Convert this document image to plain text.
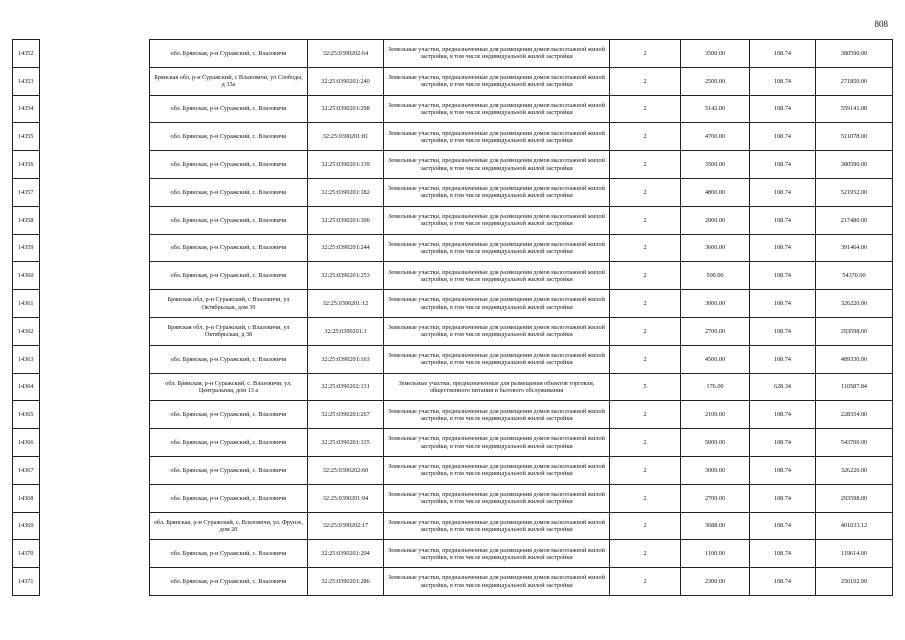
808
14352		обл. Брянская, р-н Суражский, с. Влазовичи	32:25:0390202:64	Земельные участки, предназначенные для размещения домов малоэтажной жилой застройки, в том числе индивидуальной жилой застройки	2	3500.00	108.74	380590.00
14353		Брянская обл, р-н Суражский, с Влазовичи, ул Слободы, д 33а	32:25:0390201:240	Земельные участки, предназначенные для размещения домов малоэтажной жилой застройки, в том числе индивидуальной жилой застройки	2	2500.00	108.74	271850.00
14354		обл. Брянская, р-н Суражский, с. Влазовичи	32:25:0390201:298	Земельные участки, предназначенные для размещения домов малоэтажной жилой застройки, в том числе индивидуальной жилой застройки	2	5142.00	108.74	559141.08
14355		обл. Брянская, р-н Суражский, с. Влазовичи	32:25:0390201:81	Земельные участки, предназначенные для размещения домов малоэтажной жилой застройки, в том числе индивидуальной жилой застройки	2	4700.00	108.74	511078.00
14356		обл. Брянская, р-н Суражский, с. Влазовичи	32:25:0390201:139	Земельные участки, предназначенные для размещения домов малоэтажной жилой застройки, в том числе индивидуальной жилой застройки	2	3500.00	108.74	380590.00
14357		обл. Брянская, р-н Суражский, с. Влазовичи	32:25:0390201:182	Земельные участки, предназначенные для размещения домов малоэтажной жилой застройки, в том числе индивидуальной жилой застройки	2	4800.00	108.74	521952.00
14358		обл. Брянская, р-н Суражский, с. Влазовичи	32:25:0390201:306	Земельные участки, предназначенные для размещения домов малоэтажной жилой застройки, в том числе индивидуальной жилой застройки	2	2000.00	108.74	217480.00
14359		обл. Брянская, р-н Суражский, с. Влазовичи	32:25:0390201:244	Земельные участки, предназначенные для размещения домов малоэтажной жилой застройки, в том числе индивидуальной жилой застройки	2	3600.00	108.74	391464.00
14360		обл. Брянская, р-н Суражский, с. Влазовичи	32:25:0390201:253	Земельные участки, предназначенные для размещения домов малоэтажной жилой застройки, в том числе индивидуальной жилой застройки	2	500.00	108.74	54370.00
14361		Брянская обл, р-н Суражский, с Влазовичи, ул Октябрьская, дом 39	32:25:0390201:12	Земельные участки, предназначенные для размещения домов малоэтажной жилой застройки, в том числе индивидуальной жилой застройки	2	3000.00	108.74	326220.00
14362		Брянская обл, р-н Суражский, с Влазовичи, ул Октябрьская, д 38	32:25:0390201:1	Земельные участки, предназначенные для размещения домов малоэтажной жилой застройки, в том числе индивидуальной жилой застройки	2	2700.00	108.74	293598.00
14363		обл. Брянская, р-н Суражский, с. Влазовичи	32:25:0390201:163	Земельные участки, предназначенные для размещения домов малоэтажной жилой застройки, в том числе индивидуальной жилой застройки	2	4500.00	108.74	489330.00
14364		обл. Брянская, р-н Суражский, с. Влазовичи, ул. Центральная, дом 13 а	32:25:0390202:131	Земельные участки, предназначенные для размещения объектов торговли, общественного питания и бытового обслуживания	5	176.00	628.34	110587.84
14365		обл. Брянская, р-н Суражский, с. Влазовичи	32:25:0390201:267	Земельные участки, предназначенные для размещения домов малоэтажной жилой застройки, в том числе индивидуальной жилой застройки	2	2100.00	108.74	228354.00
14366		обл. Брянская, р-н Суражский, с. Влазовичи	32:25:0390201:335	Земельные участки, предназначенные для размещения домов малоэтажной жилой застройки, в том числе индивидуальной жилой застройки	2	5000.00	108.74	543700.00
14367		обл. Брянская, р-н Суражский, с. Влазовичи	32:25:0390202:60	Земельные участки, предназначенные для размещения домов малоэтажной жилой застройки, в том числе индивидуальной жилой застройки	2	3000.00	108.74	326220.00
14368		обл. Брянская, р-н Суражский, с. Влазовичи	32:25:0390201:94	Земельные участки, предназначенные для размещения домов малоэтажной жилой застройки, в том числе индивидуальной жилой застройки	2	2700.00	108.74	293598.00
14369		обл. Брянская, р-н Суражский, с. Влазовичи, ул. Фрунзе, дом 20	32:25:0390202:17	Земельные участки, предназначенные для размещения домов малоэтажной жилой застройки, в том числе индивидуальной жилой застройки	2	3688.00	108.74	401033.12
14370		обл. Брянская, р-н Суражский, с. Влазовичи	32:25:0390201:204	Земельные участки, предназначенные для размещения домов малоэтажной жилой застройки, в том числе индивидуальной жилой застройки	2	1100.00	108.74	119614.00
14371		обл. Брянская, р-н Суражский, с. Влазовичи	32:25:0390201:286	Земельные участки, предназначенные для размещения домов малоэтажной жилой застройки, в том числе индивидуальной жилой застройки	2	2300.00	108.74	250102.00
